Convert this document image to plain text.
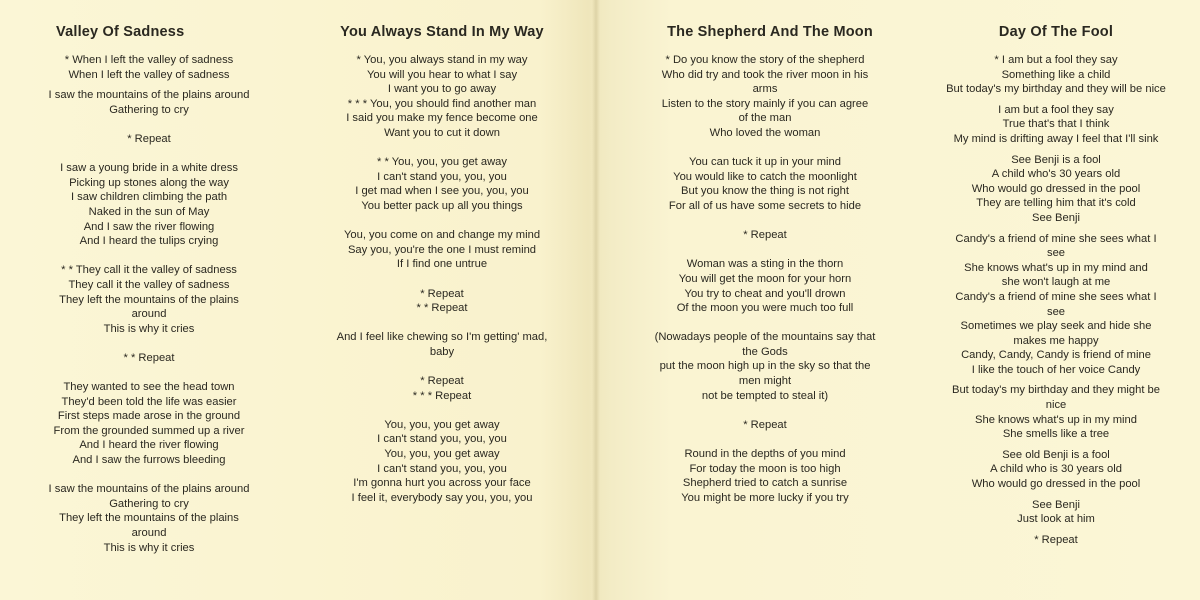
Valley Of Sadness

* When I left the valley of sadness
When I left the valley of sadness

I saw the mountains of the plains around
Gathering to cry

* Repeat

I saw a young bride in a white dress
Picking up stones along the way
I saw children climbing the path
Naked in the sun of May
And I saw the river flowing
And I heard the tulips crying

* * They call it the valley of sadness
They call it the valley of sadness
They left the mountains of the plains
around
This is why it cries

* * Repeat

They wanted to see the head town
They'd been told the life was easier
First steps made arose in the ground
From the grounded summed up a river
And I heard the river flowing
And I saw the furrows bleeding

I saw the mountains of the plains around
Gathering to cry
They left the mountains of the plains
around
This is why it cries

You Always Stand In My Way

* You, you always stand in my way
You will you hear to what I say
I want you to go away
* * * You, you should find another man
I said you make my fence become one
Want you to cut it down

* * You, you, you get away
I can't stand you, you, you
I get mad when I see you, you, you
You better pack up all you things

You, you come on and change my mind
Say you, you're the one I must remind
If I find one untrue

* Repeat
* * Repeat

And I feel like chewing so I'm getting' mad,
baby

* Repeat
* * * Repeat

You, you, you get away
I can't stand you, you, you
You, you, you get away
I can't stand you, you, you
I'm gonna hurt you across your face
I feel it, everybody say you, you, you

The Shepherd And The Moon

* Do you know the story of the shepherd
Who did try and took the river moon in his
arms
Listen to the story mainly if you can agree
of the man
Who loved the woman

You can tuck it up in your mind
You would like to catch the moonlight
But you know the thing is not right
For all of us have some secrets to hide

* Repeat

Woman was a sting in the thorn
You will get the moon for your horn
You try to cheat and you'll drown
Of the moon you were much too full

(Nowadays people of the mountains say that
the Gods
put the moon high up in the sky so that the
men might
not be tempted to steal it)

* Repeat

Round in the depths of you mind
For today the moon is too high
Shepherd tried to catch a sunrise
You might be more lucky if you try

Day Of The Fool

* I am but a fool they say
Something like a child
But today's my birthday and they will be nice

I am but a fool they say
True that's that I think
My mind is drifting away I feel that I'll sink

See Benji is a fool
A child who's 30 years old
Who would go dressed in the pool
They are telling him that it's cold
See Benji

Candy's a friend of mine she sees what I
see
She knows what's up in my mind and
she won't laugh at me
Candy's a friend of mine she sees what I
see
Sometimes we play seek and hide she
makes me happy
Candy, Candy, Candy is friend of mine
I like the touch of her voice Candy

But today's my birthday and they might be
nice
She knows what's up in my mind
She smells like a tree

See old Benji is a fool
A child who is 30 years old
Who would go dressed in the pool

See Benji
Just look at him

* Repeat
